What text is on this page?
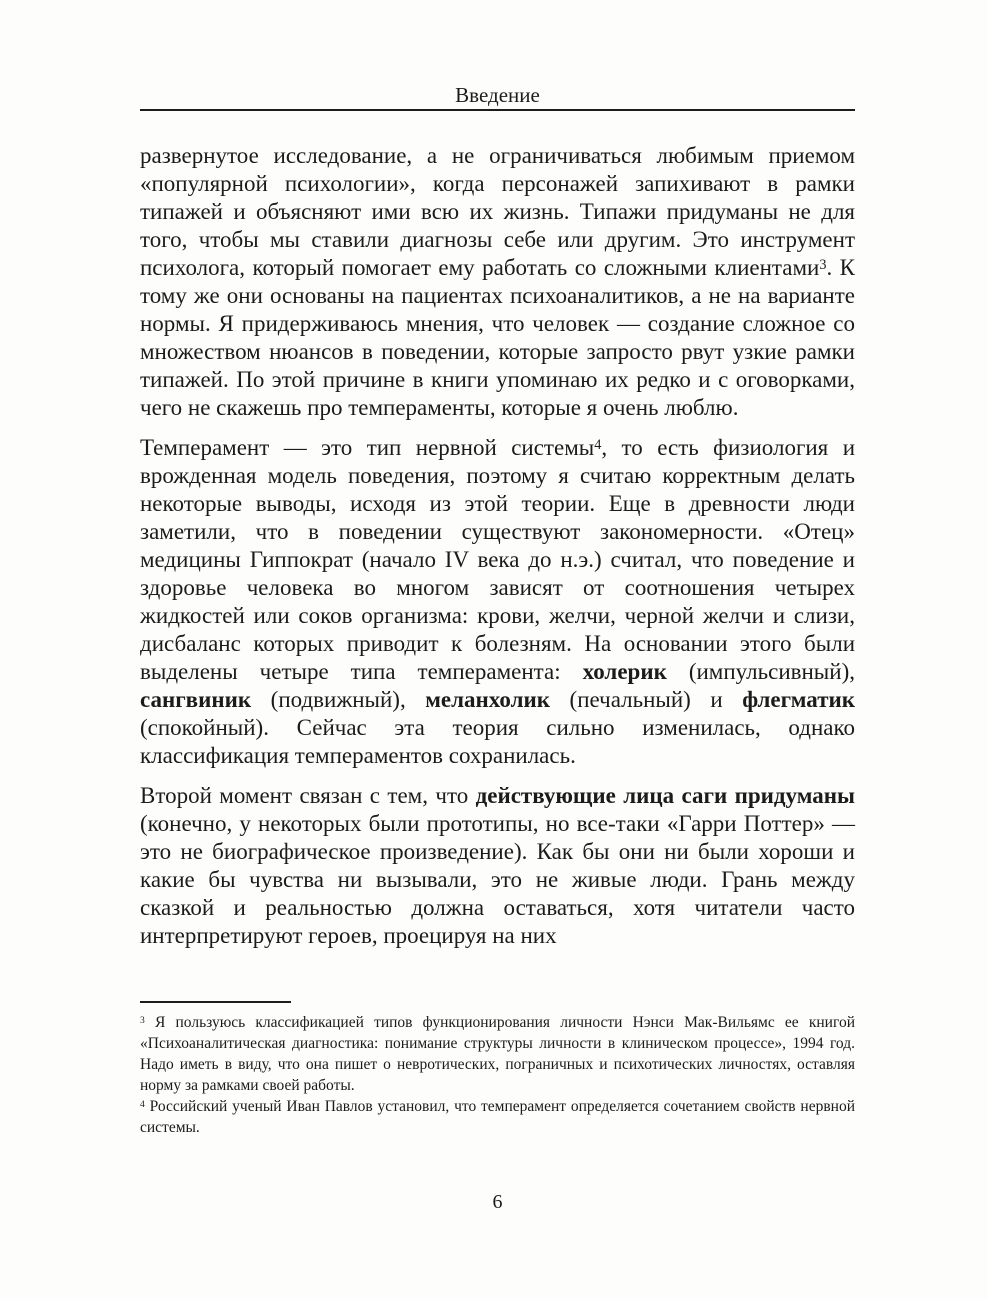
Введение

развернутое исследование, а не ограничиваться любимым приемом «популярной психологии», когда персонажей запихивают в рамки типажей и объясняют ими всю их жизнь. Типажи придуманы не для того, чтобы мы ставили диагнозы себе или другим. Это инструмент психолога, который помогает ему работать со сложными клиентами$^3$. К тому же они основаны на пациентах психоаналитиков, а не на варианте нормы. Я придерживаюсь мнения, что человек — создание сложное со множеством нюансов в поведении, которые запросто рвут узкие рамки типажей. По этой причине в книги упоминаю их редко и с оговорками, чего не скажешь про темпераменты, которые я очень люблю.

Темперамент — это тип нервной системы$^4$, то есть физиология и врожденная модель поведения, поэтому я считаю корректным делать некоторые выводы, исходя из этой теории. Еще в древности люди заметили, что в поведении существуют закономерности. «Отец» медицины Гиппократ (начало IV века до н.э.) считал, что поведение и здоровье человека во многом зависят от соотношения четырех жидкостей или соков организма: крови, желчи, черной желчи и слизи, дисбаланс которых приводит к болезням. На основании этого были выделены четыре типа темперамента: холерик (импульсивный), сангвиник (подвижный), меланхолик (печальный) и флегматик (спокойный). Сейчас эта теория сильно изменилась, однако классификация темпераментов сохранилась.

Второй момент связан с тем, что действующие лица саги придуманы (конечно, у некоторых были прототипы, но все-таки «Гарри Поттер» — это не биографическое произведение). Как бы они ни были хороши и какие бы чувства ни вызывали, это не живые люди. Грань между сказкой и реальностью должна оставаться, хотя читатели часто интерпретируют героев, проецируя на них

$^3$ Я пользуюсь классификацией типов функционирования личности Нэнси Мак-Вильямс ее книгой «Психоаналитическая диагностика: понимание структуры личности в клиническом процессе», 1994 год. Надо иметь в виду, что она пишет о невротических, пограничных и психотических личностях, оставляя норму за рамками своей работы.

$^4$ Российский ученый Иван Павлов установил, что темперамент определяется сочетанием свойств нервной системы.

6
